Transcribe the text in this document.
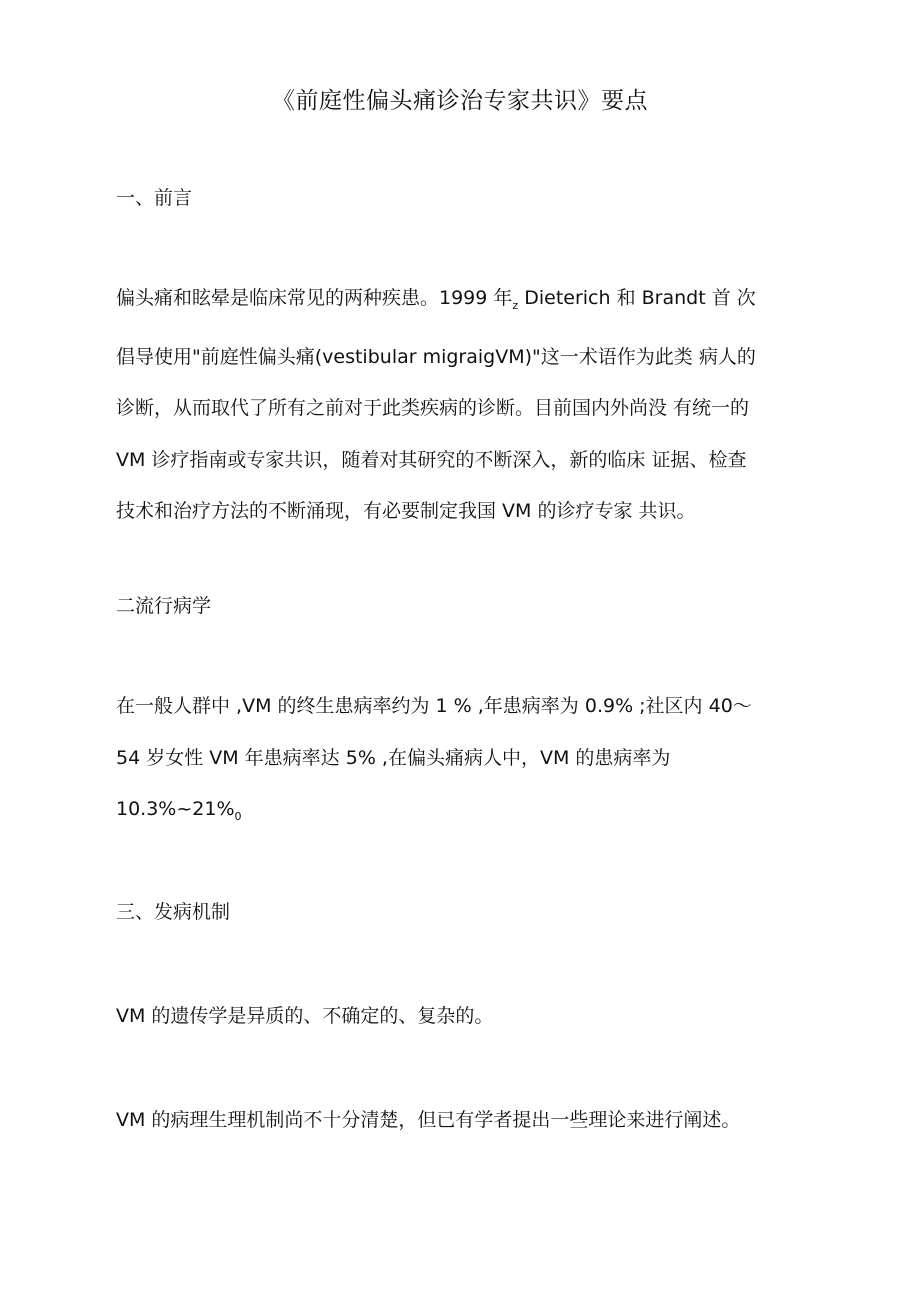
《前庭性偏头痛诊治专家共识》要点
一、前言
偏头痛和眩晕是临床常见的两种疾患。1999 年$_z$ Dieterich 和 Brandt 首 次
倡导使用"前庭性偏头痛(vestibular migraigVM)"这一术语作为此类 病人的
诊断，从而取代了所有之前对于此类疾病的诊断。目前国内外尚没 有统一的
VM 诊疗指南或专家共识，随着对其研究的不断深入，新的临床 证据、检查
技术和治疗方法的不断涌现，有必要制定我国 VM 的诊疗专家 共识。
二流行病学
在一般人群中 ,VM 的终生患病率约为 1 % ,年患病率为 0.9% ;社区内 40～
54 岁女性 VM 年患病率达 5% ,在偏头痛病人中，VM 的患病率为
$10.3\%\sim 21\%_0$
三、发病机制

VM 的遗传学是异质的、不确定的、复杂的。

VM 的病理生理机制尚不十分清楚，但已有学者提出一些理论来进行阐述。
